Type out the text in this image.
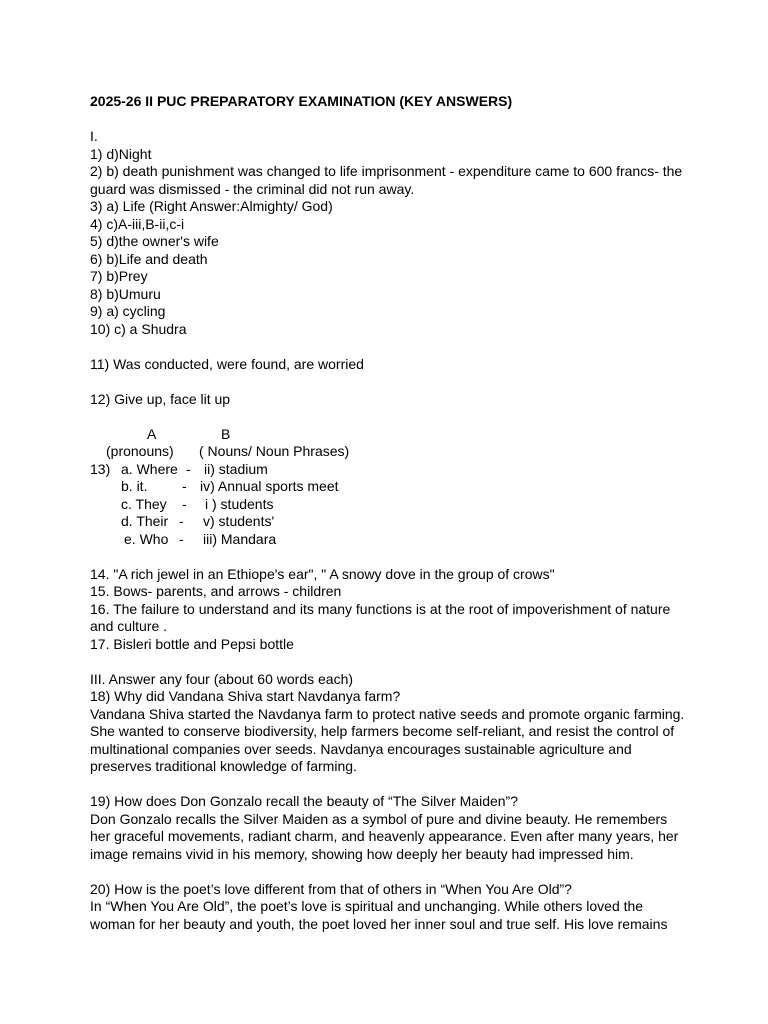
2025-26 II PUC PREPARATORY EXAMINATION (KEY ANSWERS)
I.
1) d)Night
2) b) death punishment was changed to life imprisonment - expenditure came to 600 francs- the
guard was dismissed - the criminal did not run away.
3) a) Life (Right Answer:Almighty/ God)
4) c)A-iii,B-ii,c-i
5) d)the owner's wife
6) b)Life and death
7) b)Prey
8) b)Umuru
9) a) cycling
10) c) a Shudra
11) Was conducted, were found, are worried
12) Give up, face lit up
A	B
(pronouns) ( Nouns/ Noun Phrases)
13) a. Where - ii) stadium
b. it. - iv) Annual sports meet
c. They - i ) students
d. Their - v) students'
e. Who - iii) Mandara
14. "A rich jewel in an Ethiope's ear", " A snowy dove in the group of crows"
15. Bows- parents, and arrows - children
16. The failure to understand and its many functions is at the root of impoverishment of nature
and culture .
17. Bisleri bottle and Pepsi bottle
III. Answer any four (about 60 words each)
18) Why did Vandana Shiva start Navdanya farm?
Vandana Shiva started the Navdanya farm to protect native seeds and promote organic farming.
She wanted to conserve biodiversity, help farmers become self-reliant, and resist the control of
multinational companies over seeds. Navdanya encourages sustainable agriculture and
preserves traditional knowledge of farming.
19) How does Don Gonzalo recall the beauty of “The Silver Maiden”?
Don Gonzalo recalls the Silver Maiden as a symbol of pure and divine beauty. He remembers
her graceful movements, radiant charm, and heavenly appearance. Even after many years, her
image remains vivid in his memory, showing how deeply her beauty had impressed him.
20) How is the poet’s love different from that of others in “When You Are Old”?
In “When You Are Old”, the poet’s love is spiritual and unchanging. While others loved the
woman for her beauty and youth, the poet loved her inner soul and true self. His love remains
